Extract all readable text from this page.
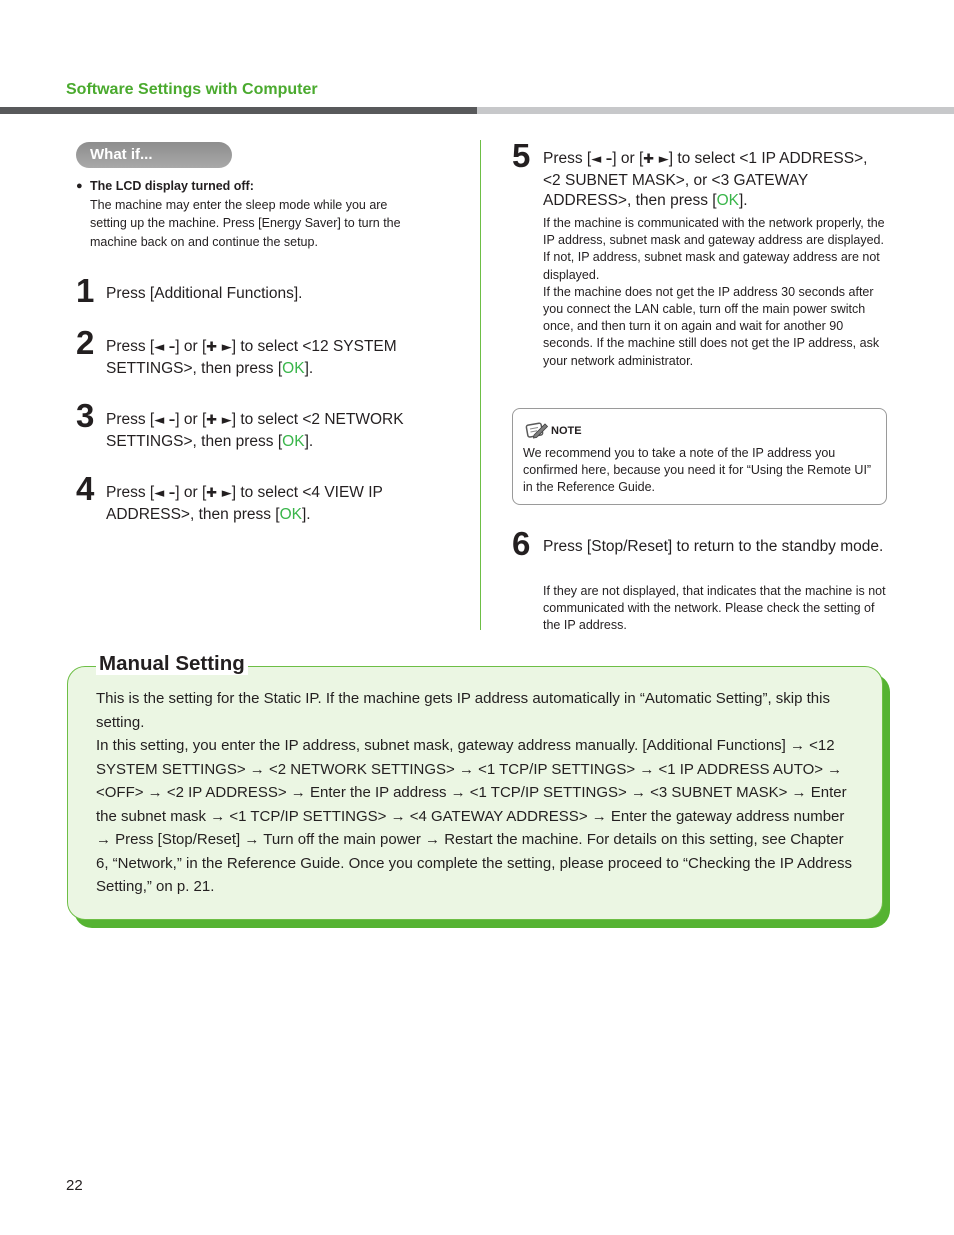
Software Settings with Computer
What if...
● The LCD display turned off:
The machine may enter the sleep mode while you are setting up the machine. Press [Energy Saver] to turn the machine back on and continue the setup.
1 Press [Additional Functions].
2 Press [◄ –] or [✚ ►] to select <12 SYSTEM SETTINGS>, then press [OK].
3 Press [◄ –] or [✚ ►] to select <2 NETWORK SETTINGS>, then press [OK].
4 Press [◄ –] or [✚ ►] to select <4 VIEW IP ADDRESS>, then press [OK].
5 Press [◄ –] or [✚ ►] to select <1 IP ADDRESS>, <2 SUBNET MASK>, or <3 GATEWAY ADDRESS>, then press [OK].

If the machine is communicated with the network properly, the IP address, subnet mask and gateway address are displayed.

If not, IP address, subnet mask and gateway address are not displayed.

If the machine does not get the IP address 30 seconds after you connect the LAN cable, turn off the main power switch once, and then turn it on again and wait for another 90 seconds. If the machine still does not get the IP address, ask your network administrator.

NOTE
We recommend you to take a note of the IP address you confirmed here, because you need it for “Using the Remote UI” in the Reference Guide.
6 Press [Stop/Reset] to return to the standby mode.

If they are not displayed, that indicates that the machine is not communicated with the network. Please check the setting of the IP address.

Manual Setting

This is the setting for the Static IP. If the machine gets IP address automatically in “Automatic Setting”, skip this setting.

In this setting, you enter the IP address, subnet mask, gateway address manually. [Additional Functions] → <12 SYSTEM SETTINGS> → <2 NETWORK SETTINGS> → <1 TCP/IP SETTINGS> → <1 IP ADDRESS AUTO> → <OFF> → <2 IP ADDRESS> → Enter the IP address → <1 TCP/IP SETTINGS> → <3 SUBNET MASK> → Enter the subnet mask → <1 TCP/IP SETTINGS> → <4 GATEWAY ADDRESS> → Enter the gateway address number → Press [Stop/Reset] → Turn off the main power → Restart the machine. For details on this setting, see Chapter 6, “Network,” in the Reference Guide. Once you complete the setting, please proceed to “Checking the IP Address Setting,” on p. 21.

22
